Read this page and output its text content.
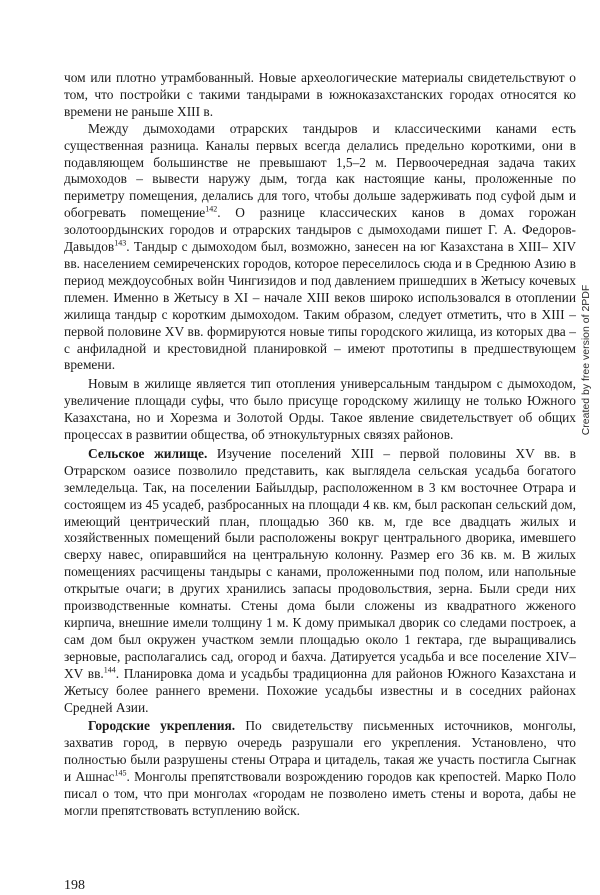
чом или плотно утрамбованный. Новые археологические материалы свидетельствуют о том, что постройки с такими тандырами в южноказахстанских городах относятся ко времени не раньше XIII в.

Между дымоходами отрарских тандыров и классическими канами есть существенная разница. Каналы первых всегда делались предельно короткими, они в подавляющем большинстве не превышают 1,5–2 м. Первоочередная задача таких дымоходов – вывести наружу дым, тогда как настоящие каны, проложенные по периметру помещения, делались для того, чтобы дольше задерживать под суфой дым и обогревать помещение$^{142}$. О разнице классических канов в домах горожан золотоордынских городов и отрарских тандыров с дымоходами пишет Г. А. Федоров-Давыдов$^{143}$. Тандыр с дымоходом был, возможно, занесен на юг Казахстана в XIII– XIV вв. населением семиреченских городов, которое переселилось сюда и в Среднюю Азию в период междоусобных войн Чингизидов и под давлением пришедших в Жетысу кочевых племен. Именно в Жетысу в XI – начале XIII веков широко использовался в отоплении жилища тандыр с коротким дымоходом. Таким образом, следует отметить, что в XIII – первой половине XV вв. формируются новые типы городского жилища, из которых два – с анфиладной и крестовидной планировкой – имеют прототипы в предшествующем времени.

Новым в жилище является тип отопления универсальным тандыром с дымоходом, увеличение площади суфы, что было присуще городскому жилищу не только Южного Казахстана, но и Хорезма и Золотой Орды. Такое явление свидетельствует об общих процессах в развитии общества, об этнокультурных связях районов.

Сельское жилище. Изучение поселений XIII – первой половины XV вв. в Отрарском оазисе позволило представить, как выглядела сельская усадьба богатого земледельца. Так, на поселении Байылдыр, расположенном в 3 км восточнее Отрара и состоящем из 45 усадеб, разбросанных на площади 4 кв. км, был раскопан сельский дом, имеющий центрический план, площадью 360 кв. м, где все двадцать жилых и хозяйственных помещений были расположены вокруг центрального дворика, имевшего сверху навес, опиравшийся на центральную колонну. Размер его 36 кв. м. В жилых помещениях расчищены тандыры с канами, проложенными под полом, или напольные открытые очаги; в других хранились запасы продовольствия, зерна. Были среди них производственные комнаты. Стены дома были сложены из квадратного жженого кирпича, внешние имели толщину 1 м. К дому примыкал дворик со следами построек, а сам дом был окружен участком земли площадью около 1 гектара, где выращивались зерновые, располагались сад, огород и бахча. Датируется усадьба и все поселение XIV–XV вв.$^{144}$. Планировка дома и усадьбы традиционна для районов Южного Казахстана и Жетысу более раннего времени. Похожие усадьбы известны и в соседних районах Средней Азии.

Городские укрепления. По свидетельству письменных источников, монголы, захватив город, в первую очередь разрушали его укрепления. Установлено, что полностью были разрушены стены Отрара и цитадель, такая же участь постигла Сыгнак и Ашнас$^{145}$. Монголы препятствовали возрождению городов как крепостей. Марко Поло писал о том, что при монголах «городам не позволено иметь стены и ворота, дабы не могли препятствовать вступлению войск.

198
Created by free version of 2PDF
